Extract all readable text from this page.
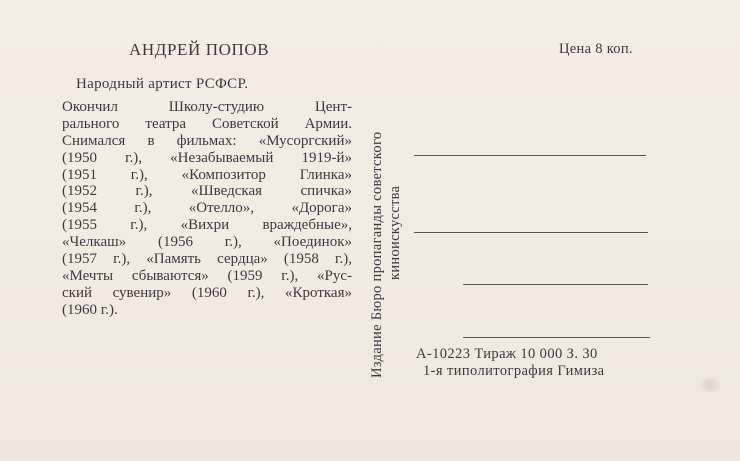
АНДРЕЙ ПОПОВ
Народный артист РСФСР.
Окончил Школу-студию Цент-
рального театра Советской Армии.
Снимался в фильмах: «Мусоргский»
(1950 г.), «Незабываемый 1919-й»
(1951 г.), «Композитор Глинка»
(1952 г.), «Шведская спичка»
(1954 г.), «Отелло», «Дорога»
(1955 г.), «Вихри враждебные»,
«Челкаш» (1956 г.), «Поединок»
(1957 г.), «Память сердца» (1958 г.),
«Мечты сбываются» (1959 г.), «Рус-
ский сувенир» (1960 г.), «Кроткая»
(1960 г.).	Издание Бюро пропаганды советского киноискусства
Цена 8 коп.
А-10223 Тираж 10 000 З. 30
1-я типолитография Гимиза
